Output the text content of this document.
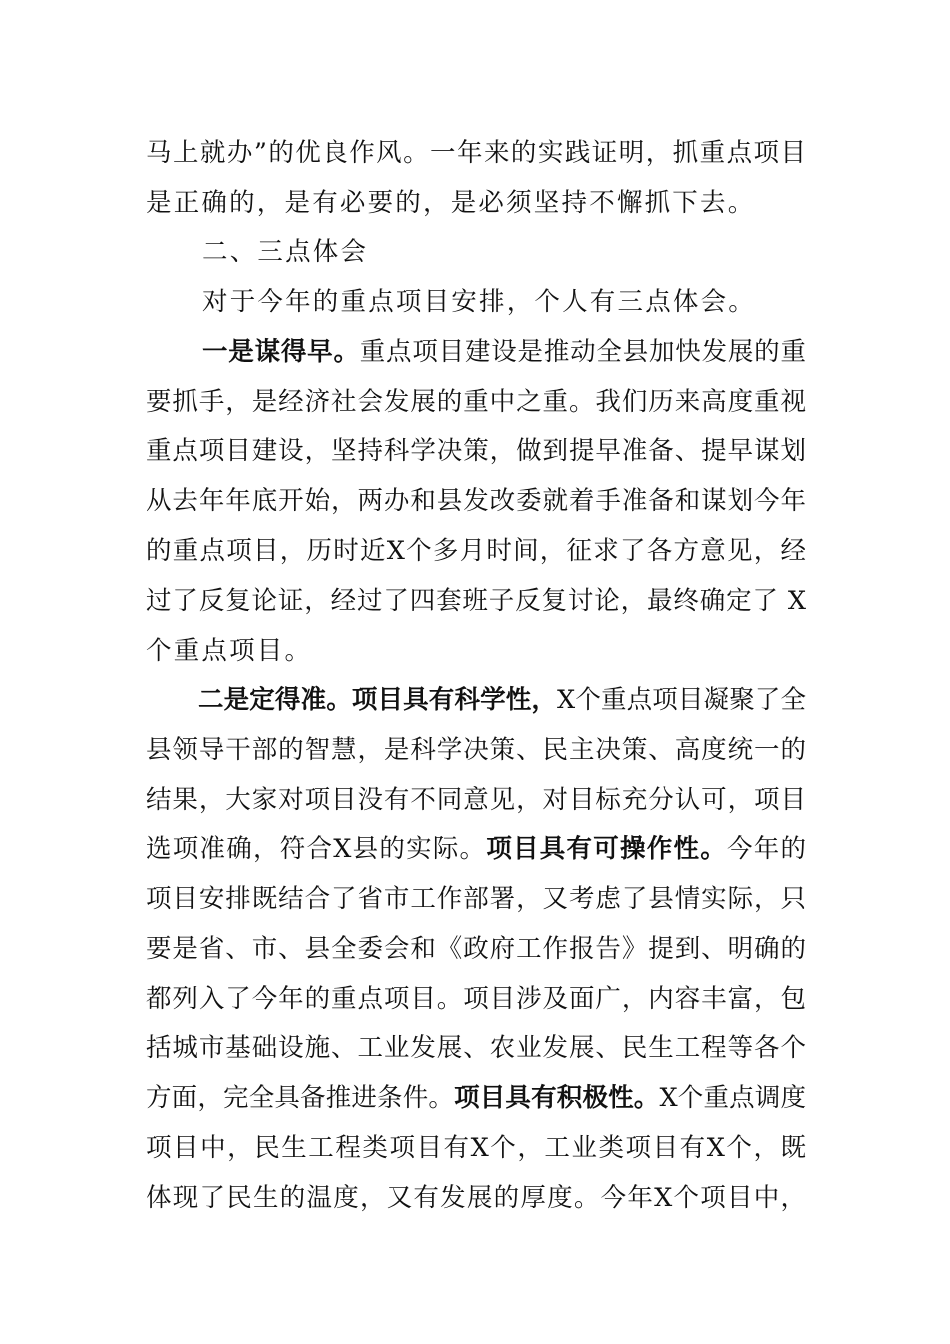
马上就办”的优良作风。一年来的实践证明，抓重点项目
是正确的，是有必要的，是必须坚持不懈抓下去。
二、三点体会
对于今年的重点项目安排，个人有三点体会。
一是谋得早。重点项目建设是推动全县加快发展的重
要抓手，是经济社会发展的重中之重。我们历来高度重视
重点项目建设，坚持科学决策，做到提早准备、提早谋划
从去年年底开始，两办和县发改委就着手准备和谋划今年
的重点项目，历时近X个多月时间，征求了各方意见，经
过了反复论证，经过了四套班子反复讨论，最终确定了 X
个重点项目。
二是定得准。项目具有科学性，X个重点项目凝聚了全
县领导干部的智慧，是科学决策、民主决策、高度统一的
结果，大家对项目没有不同意见，对目标充分认可，项目
选项准确，符合X县的实际。项目具有可操作性。今年的
项目安排既结合了省市工作部署，又考虑了县情实际，只
要是省、市、县全委会和《政府工作报告》提到、明确的
都列入了今年的重点项目。项目涉及面广，内容丰富，包
括城市基础设施、工业发展、农业发展、民生工程等各个
方面，完全具备推进条件。项目具有积极性。X个重点调度
项目中，民生工程类项目有X个，工业类项目有X个，既
体现了民生的温度，又有发展的厚度。今年X个项目中，
